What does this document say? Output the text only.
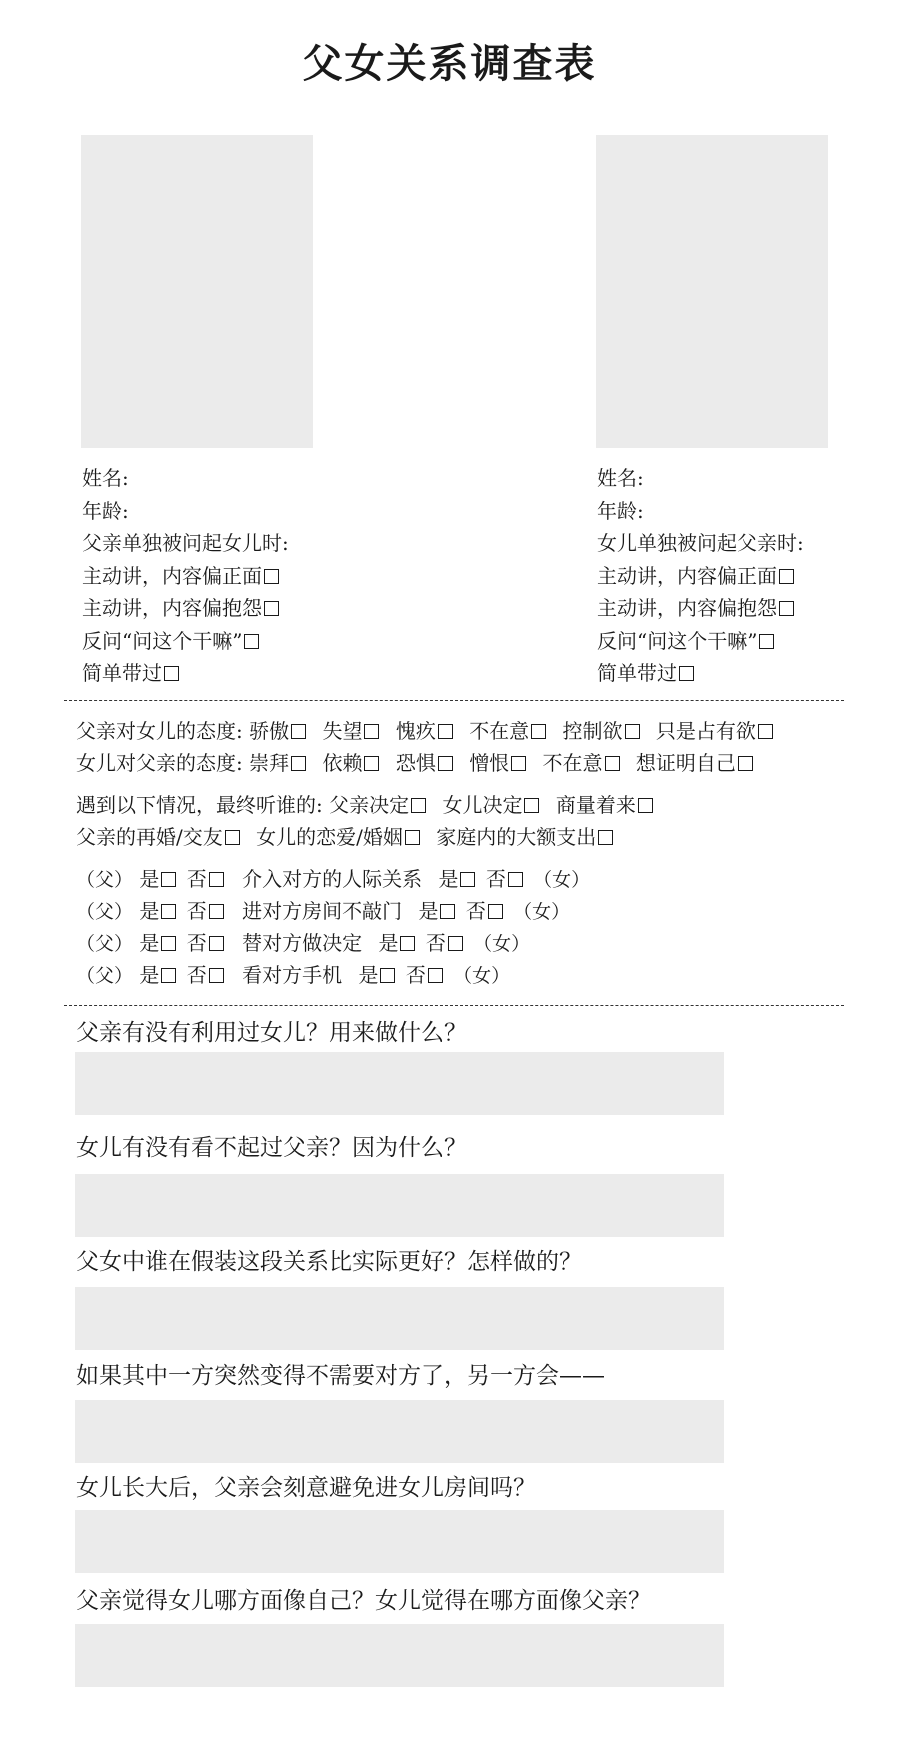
父女关系调查表
姓名:
年龄:
父亲单独被问起女儿时:
主动讲，内容偏正面
主动讲，内容偏抱怨
反问“问这个干嘛”
简单带过
姓名:
年龄:
女儿单独被问起父亲时:
主动讲，内容偏正面
主动讲，内容偏抱怨
反问“问这个干嘛”
简单带过
父亲对女儿的态度: 骄傲 失望 愧疚 不在意 控制欲 只是占有欲
女儿对父亲的态度: 崇拜 依赖 恐惧 憎恨 不在意 想证明自己
遇到以下情况，最终听谁的: 父亲决定 女儿决定 商量着来
父亲的再婚/交友 女儿的恋爱/婚姻 家庭内的大额支出
（父） 是 否 介入对方的人际关系 是 否 （女）
（父） 是 否 进对方房间不敲门 是 否 （女）
（父） 是 否 替对方做决定 是 否 （女）
（父） 是 否 看对方手机 是 否 （女）
父亲有没有利用过女儿？用来做什么？
女儿有没有看不起过父亲？因为什么？
父女中谁在假装这段关系比实际更好？怎样做的？
如果其中一方突然变得不需要对方了，另一方会——
女儿长大后，父亲会刻意避免进女儿房间吗？
父亲觉得女儿哪方面像自己？女儿觉得在哪方面像父亲？
